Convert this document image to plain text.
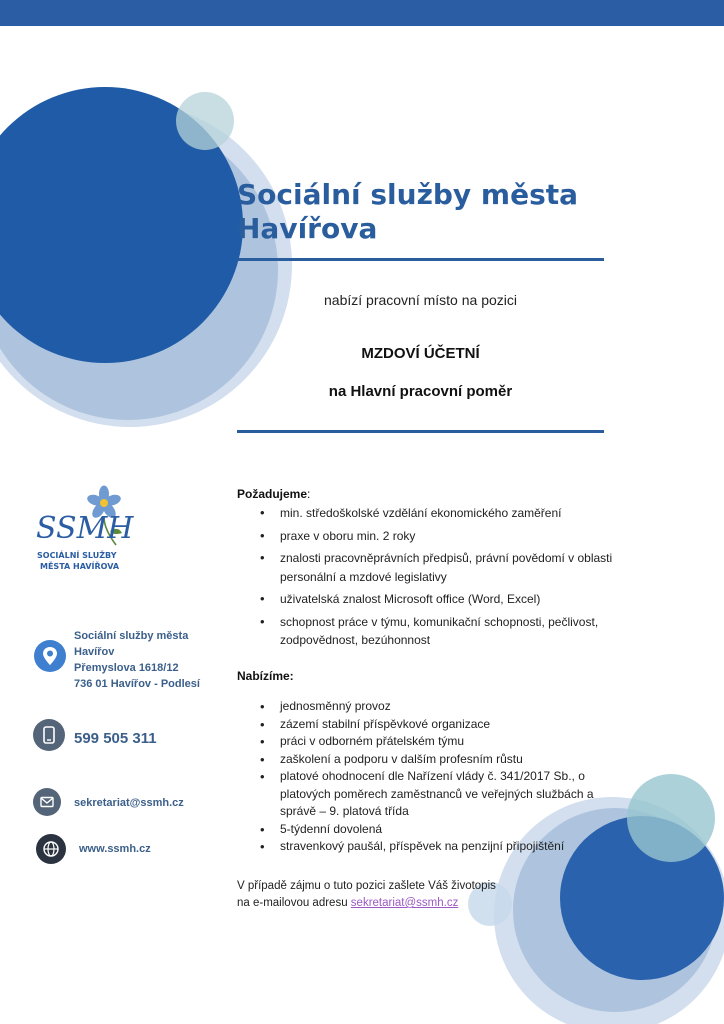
Sociální služby města Havířova
nabízí pracovní místo na pozici
MZDOVÍ ÚČETNÍ
na Hlavní pracovní poměr
SSMH
SOCIÁLNÍ SLUŽBY
MĚSTA HAVÍŘOVA
Sociální služby města
Havířov
Přemyslova 1618/12
736 01 Havířov - Podlesí
599 505 311
sekretariat@ssmh.cz
www.ssmh.cz
Požadujeme:
• min. středoškolské vzdělání ekonomického zaměření
• praxe v oboru min. 2 roky
• znalosti pracovněprávních předpisů, právní povědomí v oblasti personální a mzdové legislativy
• uživatelská znalost Microsoft office (Word, Excel)
• schopnost práce v týmu, komunikační schopnosti, pečlivost, zodpovědnost, bezúhonnost
Nabízíme:
• jednosměnný provoz
• zázemí stabilní příspěvkové organizace
• práci v odborném přátelském týmu
• zaškolení a podporu v dalším profesním růstu
• platové ohodnocení dle Nařízení vlády č. 341/2017 Sb., o platových poměrech zaměstnanců ve veřejných službách a správě – 9. platová třída
• 5-týdenní dovolená
• stravenkový paušál, příspěvek na penzijní připojištění
V případě zájmu o tuto pozici zašlete Váš životopis
na e-mailovou adresu sekretariat@ssmh.cz
